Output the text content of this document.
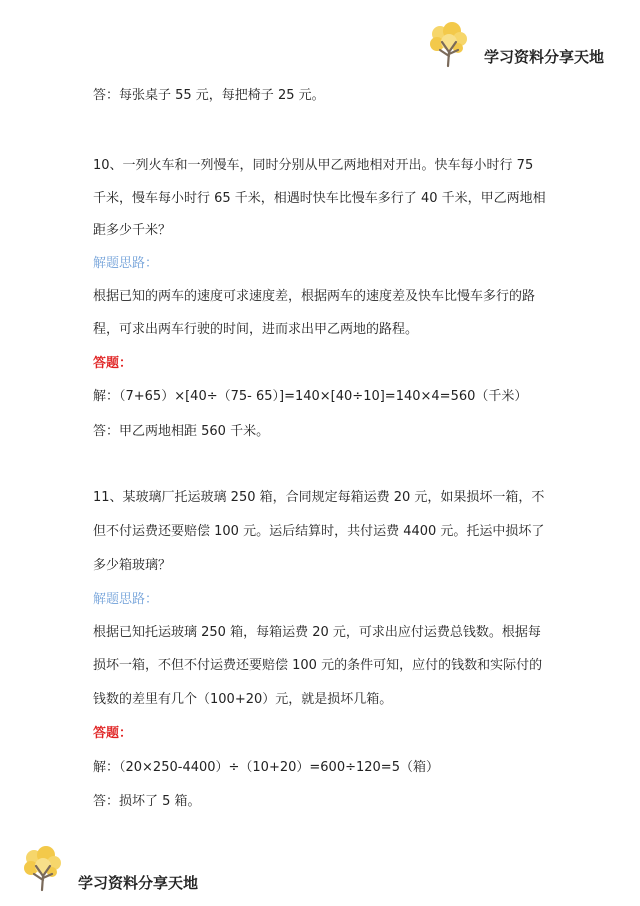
学习资料分享天地
答：每张桌子 55 元，每把椅子 25 元。
10、一列火车和一列慢车，同时分别从甲乙两地相对开出。快车每小时行 75
千米，慢车每小时行 65 千米，相遇时快车比慢车多行了 40 千米，甲乙两地相
距多少千米？
解题思路：
根据已知的两车的速度可求速度差，根据两车的速度差及快车比慢车多行的路
程，可求出两车行驶的时间，进而求出甲乙两地的路程。
答题：
解：（7+65）×[40÷（75- 65）]=140×[40÷10]=140×4=560（千米）
答：甲乙两地相距 560 千米。
11、某玻璃厂托运玻璃 250 箱，合同规定每箱运费 20 元，如果损坏一箱，不
但不付运费还要赔偿 100 元。运后结算时，共付运费 4400 元。托运中损坏了
多少箱玻璃？
解题思路：
根据已知托运玻璃 250 箱，每箱运费 20 元，可求出应付运费总钱数。根据每
损坏一箱，不但不付运费还要赔偿 100 元的条件可知，应付的钱数和实际付的
钱数的差里有几个（100+20）元，就是损坏几箱。
答题：
解：（20×250-4400）÷（10+20）=600÷120=5（箱）
答：损坏了 5 箱。
学习资料分享天地
